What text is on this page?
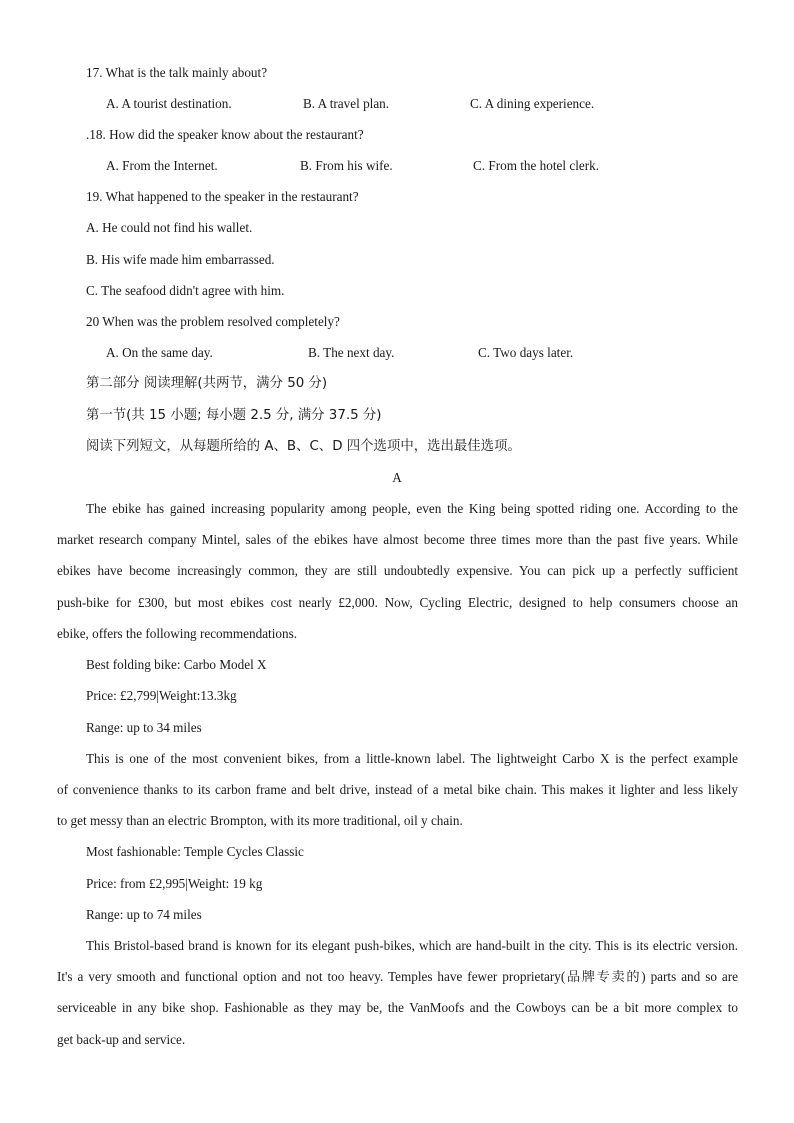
17. What is the talk mainly about?
A. A tourist destination.	B. A travel plan.	C. A dining experience.
.18. How did the speaker know about the restaurant?
A. From the Internet.	B. From his wife.	C. From the hotel clerk.
19. What happened to the speaker in the restaurant?
A. He could not find his wallet.
B. His wife made him embarrassed.
C. The seafood didn't agree with him.
20 When was the problem resolved completely?
A. On the same day.	B. The next day.	C. Two days later.
第二部分 阅读理解(共两节，满分 50 分)
第一节(共 15 小题; 每小题 2.5 分, 满分 37.5 分)
阅读下列短文，从每题所给的 A、B、C、D 四个选项中，选出最佳选项。
A
The ebike has gained increasing popularity among people, even the King being spotted riding one. According to the
market research company Mintel, sales of the ebikes have almost become three times more than the past five years. While
ebikes have become increasingly common, they are still undoubtedly expensive. You can pick up a perfectly sufficient
push-bike for £300, but most ebikes cost nearly £2,000. Now, Cycling Electric, designed to help consumers choose an
ebike, offers the following recommendations.
Best folding bike: Carbo Model X
Price: £2,799|Weight:13.3kg
Range: up to 34 miles
This is one of the most convenient bikes, from a little-known label. The lightweight Carbo X is the perfect example
of convenience thanks to its carbon frame and belt drive, instead of a metal bike chain. This makes it lighter and less likely
to get messy than an electric Brompton, with its more traditional, oil y chain.
Most fashionable: Temple Cycles Classic
Price: from £2,995|Weight: 19 kg
Range: up to 74 miles
This Bristol-based brand is known for its elegant push-bikes, which are hand-built in the city. This is its electric version.
It's a very smooth and functional option and not too heavy. Temples have fewer proprietary(品牌专卖的) parts and so are
serviceable in any bike shop. Fashionable as they may be, the VanMoofs and the Cowboys can be a bit more complex to
get back-up and service.
